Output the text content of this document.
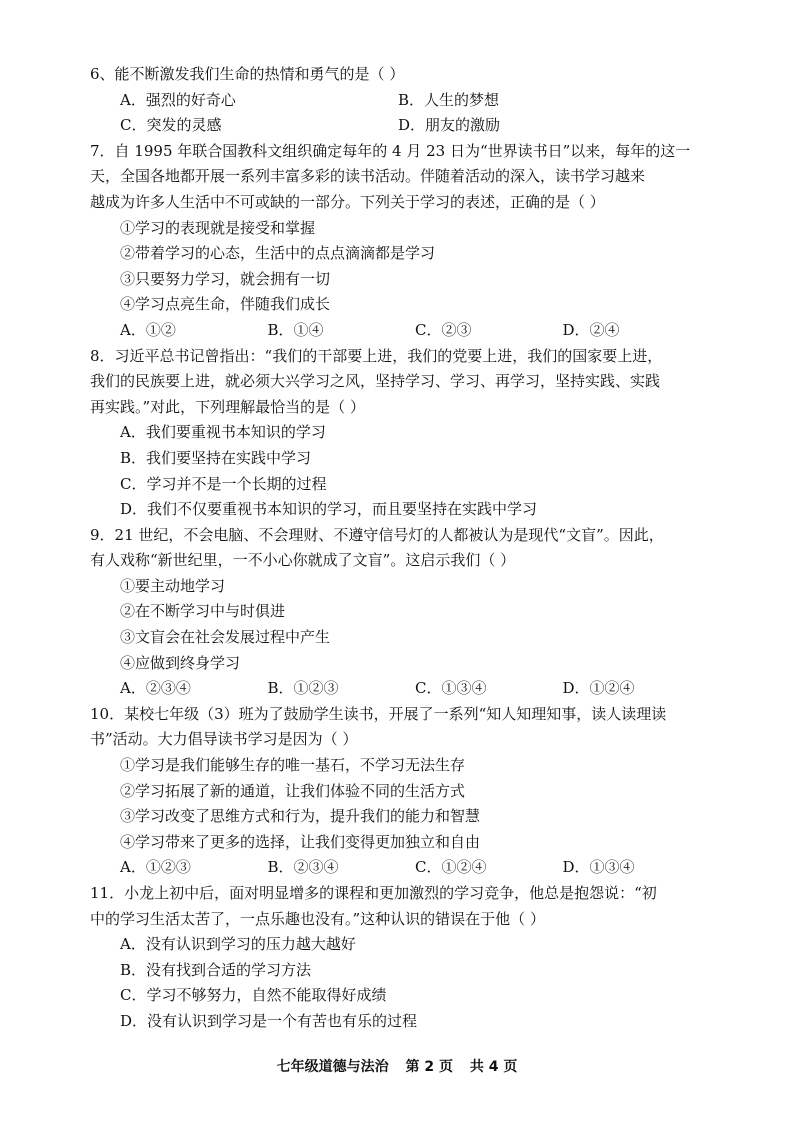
6、能不断激发我们生命的热情和勇气的是（ ）
A．强烈的好奇心	B．人生的梦想
C．突发的灵感	D．朋友的激励
7．自 1995 年联合国教科文组织确定每年的 4 月 23 日为“世界读书日”以来，每年的这一
天，全国各地都开展一系列丰富多彩的读书活动。伴随着活动的深入，读书学习越来
越成为许多人生活中不可或缺的一部分。下列关于学习的表述，正确的是（ ）
①学习的表现就是接受和掌握
②带着学习的心态，生活中的点点滴滴都是学习
③只要努力学习，就会拥有一切
④学习点亮生命，伴随我们成长
A．①②	B．①④	C．②③	D．②④
8．习近平总书记曾指出：“我们的干部要上进，我们的党要上进，我们的国家要上进，
我们的民族要上进，就必须大兴学习之风，坚持学习、学习、再学习，坚持实践、实践
再实践。”对此，下列理解最恰当的是（ ）
A．我们要重视书本知识的学习
B．我们要坚持在实践中学习
C．学习并不是一个长期的过程
D．我们不仅要重视书本知识的学习，而且要坚持在实践中学习
9．21 世纪，不会电脑、不会理财、不遵守信号灯的人都被认为是现代“文盲”。因此，
有人戏称“新世纪里，一不小心你就成了文盲”。这启示我们（ ）
①要主动地学习
②在不断学习中与时俱进
③文盲会在社会发展过程中产生
④应做到终身学习
A．②③④	B．①②③	C．①③④	D．①②④
10．某校七年级（3）班为了鼓励学生读书，开展了一系列“知人知理知事，读人读理读
书”活动。大力倡导读书学习是因为（ ）
①学习是我们能够生存的唯一基石，不学习无法生存
②学习拓展了新的通道，让我们体验不同的生活方式
③学习改变了思维方式和行为，提升我们的能力和智慧
④学习带来了更多的选择，让我们变得更加独立和自由
A．①②③	B．②③④	C．①②④	D．①③④
11．小龙上初中后，面对明显增多的课程和更加激烈的学习竞争，他总是抱怨说：“初
中的学习生活太苦了，一点乐趣也没有。”这种认识的错误在于他（ ）
A．没有认识到学习的压力越大越好
B．没有找到合适的学习方法
C．学习不够努力，自然不能取得好成绩
D．没有认识到学习是一个有苦也有乐的过程
七年级道德与法治 第 2 页 共 4 页
